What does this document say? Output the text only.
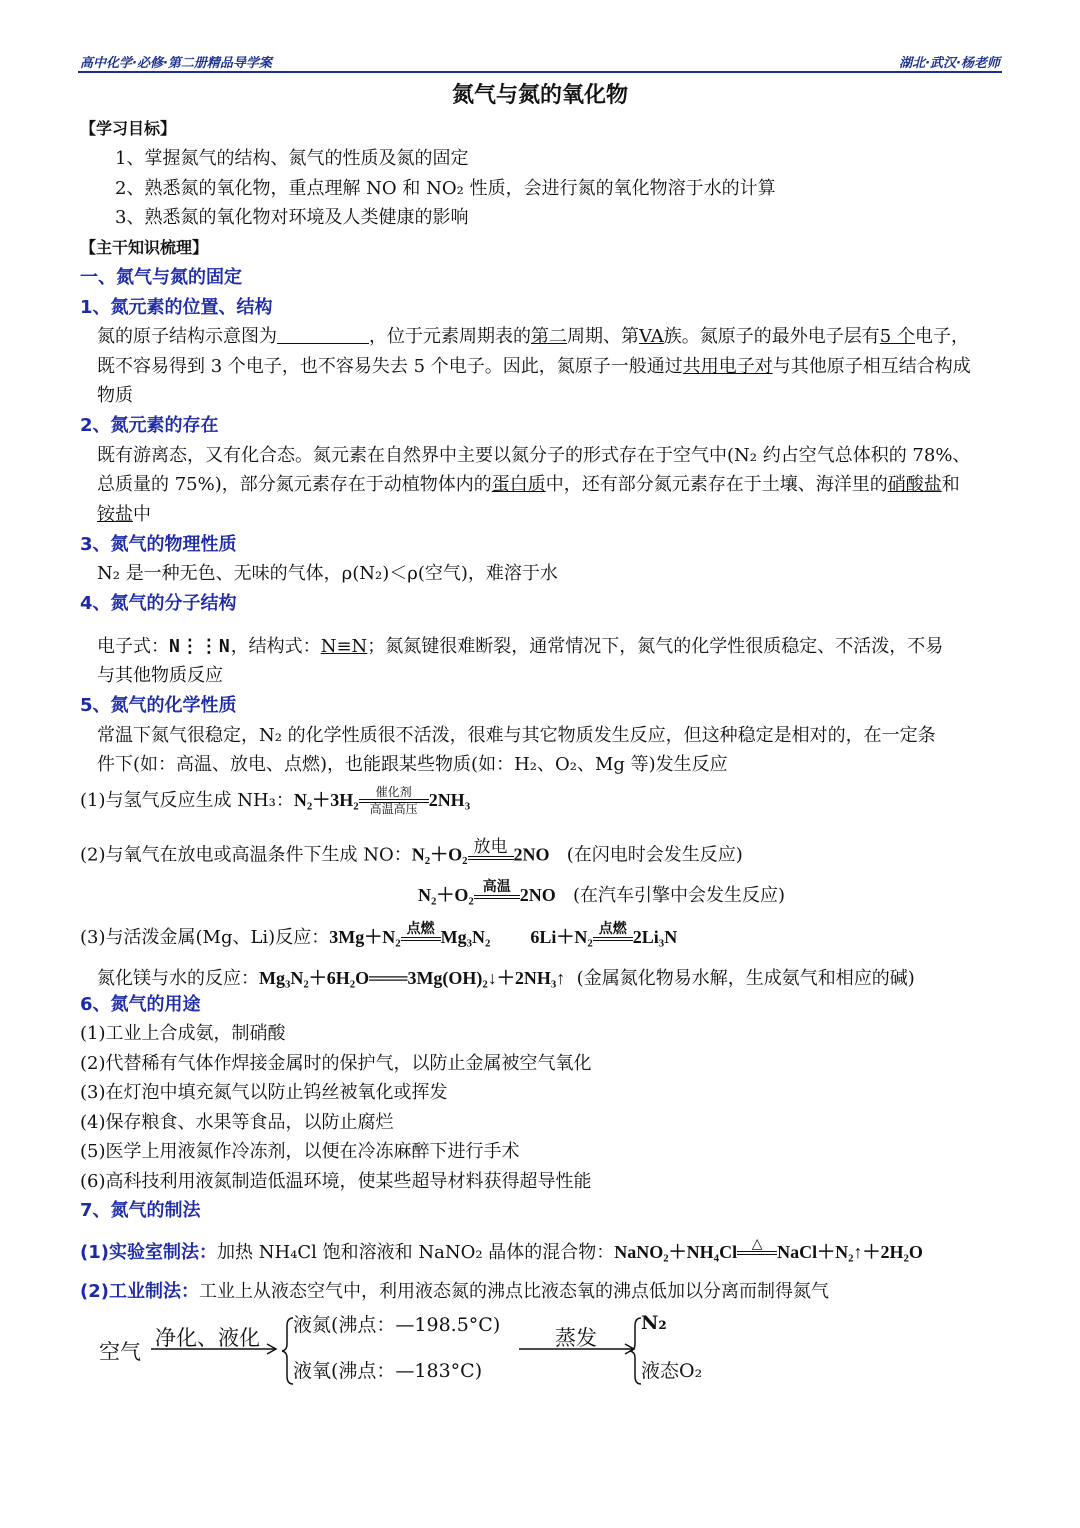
高中化学·必修·第二册精品导学案	湖北·武汉·杨老师
氮气与氮的氧化物
【学习目标】
1、掌握氮气的结构、氮气的性质及氮的固定
2、熟悉氮的氧化物，重点理解 NO 和 NO₂ 性质，会进行氮的氧化物溶于水的计算
3、熟悉氮的氧化物对环境及人类健康的影响
【主干知识梳理】
一、氮气与氮的固定
1、氮元素的位置、结构
氮的原子结构示意图为	，位于元素周期表的第二周期、第VA族。氮原子的最外电子层有5 个电子，
既不容易得到 3 个电子，也不容易失去 5 个电子。因此，氮原子一般通过共用电子对与其他原子相互结合构成
物质
2、氮元素的存在
既有游离态，又有化合态。氮元素在自然界中主要以氮分子的形式存在于空气中(N₂ 约占空气总体积的 78%、
总质量的 75%)，部分氮元素存在于动植物体内的蛋白质中，还有部分氮元素存在于土壤、海洋里的硝酸盐和
铵盐中
3、氮气的物理性质
N₂ 是一种无色、无味的气体，ρ(N₂)＜ρ(空气)，难溶于水
4、氮气的分子结构
电子式：N⋮⋮N，结构式：N≡N；氮氮键很难断裂，通常情况下，氮气的化学性很质稳定、不活泼，不易
与其他物质反应
5、氮气的化学性质
常温下氮气很稳定，N₂ 的化学性质很不活泼，很难与其它物质发生反应，但这种稳定是相对的，在一定条
件下(如：高温、放电、点燃)，也能跟某些物质(如：H₂、O₂、Mg 等)发生反应
(1)与氢气反应生成 NH₃：N₂＋3H₂	催化剂
高温高压 2NH₃
(2)与氧气在放电或高温条件下生成 NO：N₂＋O₂ 放电
2NO (在闪电时会发生反应)
N₂＋O₂ 高温
2NO (在汽车引擎中会发生反应)
(3)与活泼金属(Mg、Li)反应：3Mg＋N₂ 点燃
Mg₃N₂ 6Li＋N₂ 点燃
2Li₃N
氮化镁与水的反应：Mg₃N₂＋6H₂O═══3Mg(OH)₂↓＋2NH₃↑ (金属氮化物易水解，生成氨气和相应的碱)
6、氮气的用途
(1)工业上合成氨，制硝酸
(2)代替稀有气体作焊接金属时的保护气，以防止金属被空气氧化
(3)在灯泡中填充氮气以防止钨丝被氧化或挥发
(4)保存粮食、水果等食品，以防止腐烂
(5)医学上用液氮作冷冻剂，以便在冷冻麻醉下进行手术
(6)高科技利用液氮制造低温环境，使某些超导材料获得超导性能
7、氮气的制法
(1)实验室制法：加热 NH₄Cl 饱和溶液和 NaNO₂ 晶体的混合物：NaNO₂＋NH₄Cl	△
NaCl＋N₂↑＋2H₂O
(2)工业制法：工业上从液态空气中，利用液态氮的沸点比液态氧的沸点低加以分离而制得氮气
空气
净化、液化
液氮(沸点：—198.5°C)
液氧(沸点：—183°C)
蒸发
N₂
液态O₂
